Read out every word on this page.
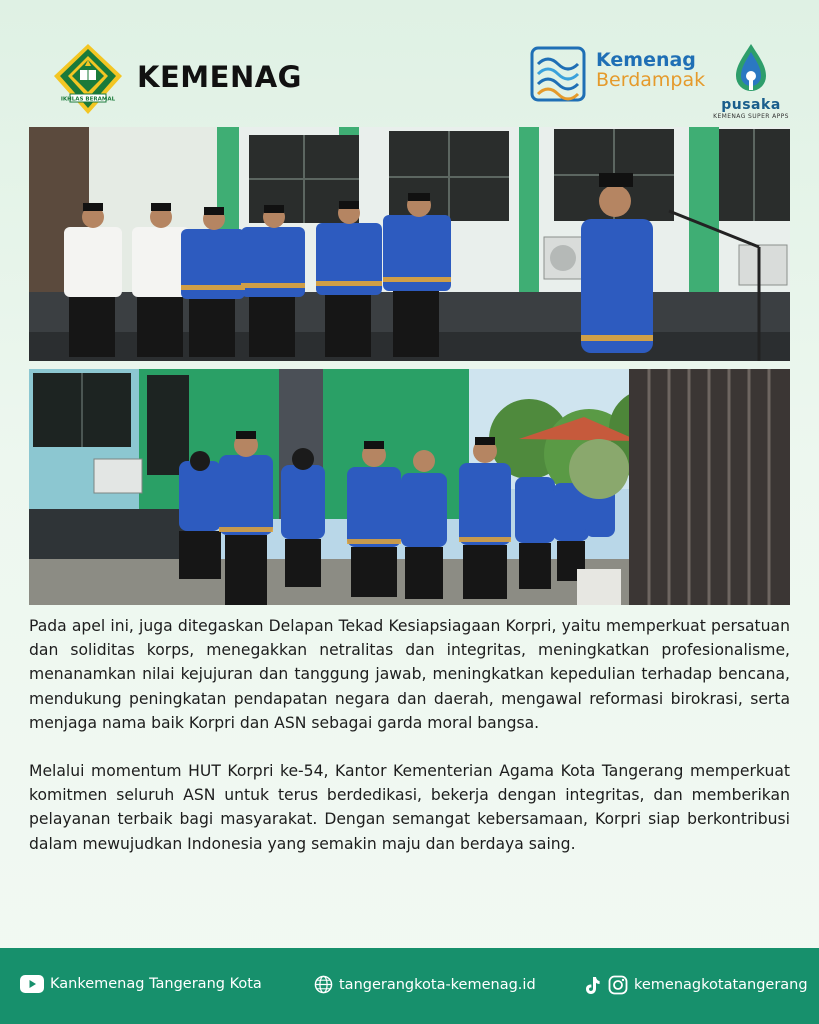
IKHLAS BERAMAL
KEMENAG	Kemenag
Berdampak
pusaka
KEMENAG SUPER APPS

Pada apel ini, juga ditegaskan Delapan Tekad Kesiapsiagaan Korpri, yaitu memperkuat persatuan dan soliditas korps, menegakkan netralitas dan integritas, meningkatkan profesionalisme, menanamkan nilai kejujuran dan tanggung jawab, meningkatkan kepedulian terhadap bencana, mendukung peningkatan pendapatan negara dan daerah, mengawal reformasi birokrasi, serta menjaga nama baik Korpri dan ASN sebagai garda moral bangsa.

Melalui momentum HUT Korpri ke-54, Kantor Kementerian Agama Kota Tangerang memperkuat komitmen seluruh ASN untuk terus berdedikasi, bekerja dengan integritas, dan memberikan pelayanan terbaik bagi masyarakat. Dengan semangat kebersamaan, Korpri siap berkontribusi dalam mewujudkan Indonesia yang semakin maju dan berdaya saing.

Kankemenag Tangerang Kota	tangerangkota-kemenag.id	kemenagkotatangerang
